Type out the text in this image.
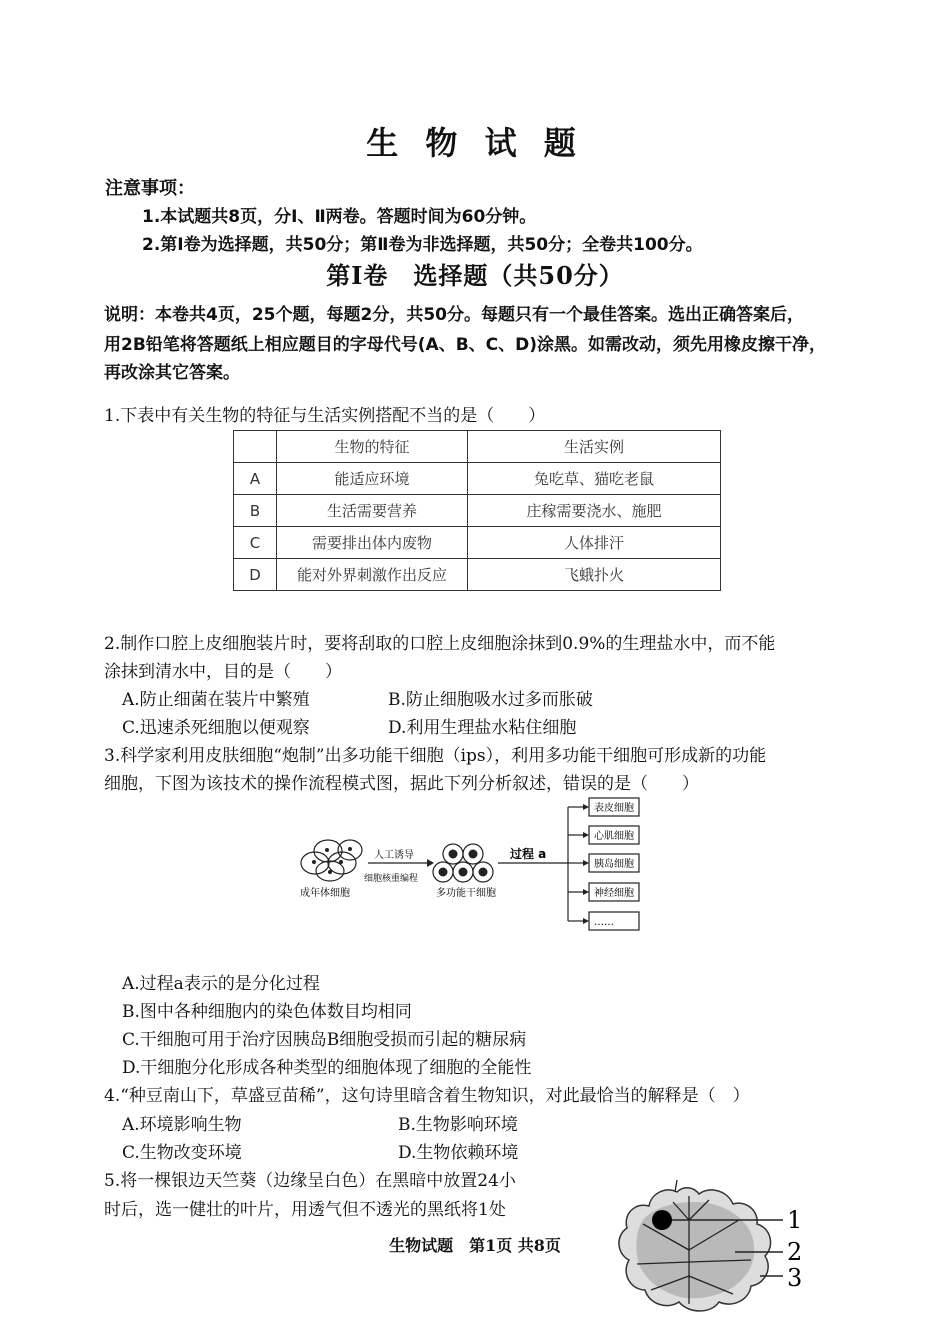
生 物 试 题
注意事项：
1.本试题共8页，分Ⅰ、Ⅱ两卷。答题时间为60分钟。
2.第Ⅰ卷为选择题，共50分；第Ⅱ卷为非选择题，共50分；全卷共100分。
第Ⅰ卷　选择题（共50分）
说明：本卷共4页，25个题，每题2分，共50分。每题只有一个最佳答案。选出正确答案后，
用2B铅笔将答题纸上相应题目的字母代号(A、B、C、D)涂黑。如需改动，须先用橡皮擦干净，
再改涂其它答案。
1.下表中有关生物的特征与生活实例搭配不当的是（　　）
	生物的特征	生活实例
A	能适应环境	兔吃草、猫吃老鼠
B	生活需要营养	庄稼需要浇水、施肥
C	需要排出体内废物	人体排汗
D	能对外界刺激作出反应	飞蛾扑火
2.制作口腔上皮细胞装片时，要将刮取的口腔上皮细胞涂抹到0.9%的生理盐水中，而不能
涂抹到清水中，目的是（　　）
A.防止细菌在装片中繁殖	B.防止细胞吸水过多而胀破
C.迅速杀死细胞以便观察	D.利用生理盐水粘住细胞
3.科学家利用皮肤细胞“炮制”出多功能干细胞（ips），利用多功能干细胞可形成新的功能
细胞，下图为该技术的操作流程模式图，据此下列分析叙述，错误的是（　　）
成年体细胞
人工诱导
细胞核重编程
多功能干细胞
过程 a
表皮细胞
心肌细胞
胰岛细胞
神经细胞
……
A.过程a表示的是分化过程
B.图中各种细胞内的染色体数目均相同
C.干细胞可用于治疗因胰岛B细胞受损而引起的糖尿病
D.干细胞分化形成各种类型的细胞体现了细胞的全能性
4.“种豆南山下，草盛豆苗稀”，这句诗里暗含着生物知识，对此最恰当的解释是（　）
A.环境影响生物	B.生物影响环境
C.生物改变环境	D.生物依赖环境
5.将一棵银边天竺葵（边缘呈白色）在黑暗中放置24小
时后，选一健壮的叶片，用透气但不透光的黑纸将1处	1
2
3
生物试题　第1页 共8页
